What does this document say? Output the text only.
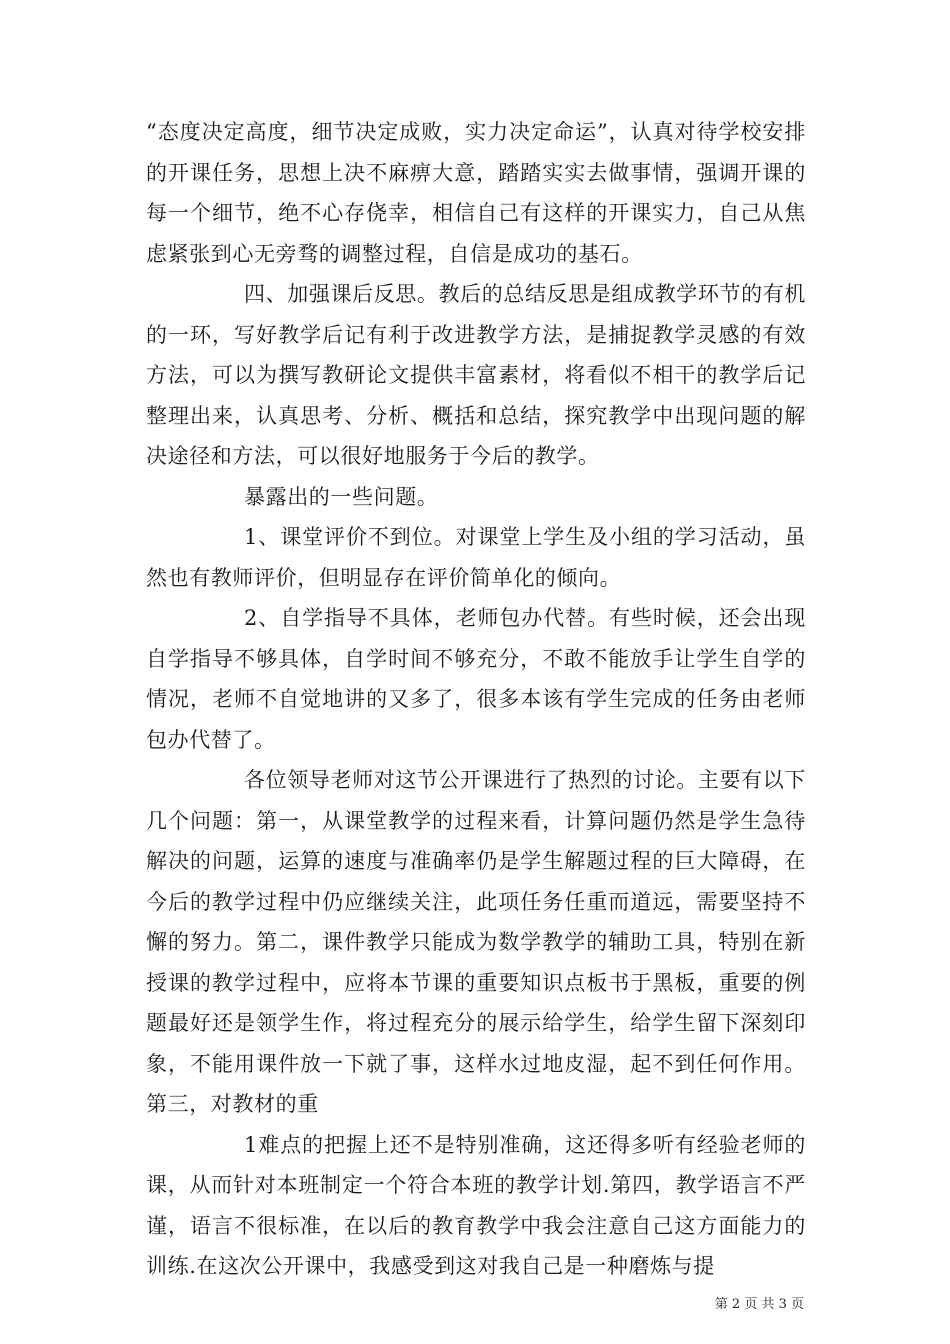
“态度决定高度，细节决定成败，实力决定命运”，认真对待学校安排的开课任务，思想上决不麻痹大意，踏踏实实去做事情，强调开课的每一个细节，绝不心存侥幸，相信自己有这样的开课实力，自己从焦虑紧张到心无旁骛的调整过程，自信是成功的基石。

四、加强课后反思。教后的总结反思是组成教学环节的有机的一环，写好教学后记有利于改进教学方法，是捕捉教学灵感的有效方法，可以为撰写教研论文提供丰富素材，将看似不相干的教学后记整理出来，认真思考、分析、概括和总结，探究教学中出现问题的解决途径和方法，可以很好地服务于今后的教学。

暴露出的一些问题。

1、课堂评价不到位。对课堂上学生及小组的学习活动，虽然也有教师评价，但明显存在评价简单化的倾向。

2、自学指导不具体，老师包办代替。有些时候，还会出现自学指导不够具体，自学时间不够充分，不敢不能放手让学生自学的情况，老师不自觉地讲的又多了，很多本该有学生完成的任务由老师包办代替了。

各位领导老师对这节公开课进行了热烈的讨论。主要有以下几个问题：第一，从课堂教学的过程来看，计算问题仍然是学生急待解决的问题，运算的速度与准确率仍是学生解题过程的巨大障碍，在今后的教学过程中仍应继续关注，此项任务任重而道远，需要坚持不懈的努力。第二，课件教学只能成为数学教学的辅助工具，特别在新授课的教学过程中，应将本节课的重要知识点板书于黑板，重要的例题最好还是领学生作，将过程充分的展示给学生，给学生留下深刻印象，不能用课件放一下就了事，这样水过地皮湿，起不到任何作用。第三，对教材的重

1难点的把握上还不是特别准确，这还得多听有经验老师的课，从而针对本班制定一个符合本班的教学计划.第四，教学语言不严谨，语言不很标准，在以后的教育教学中我会注意自己这方面能力的训练.在这次公开课中，我感受到这对我自己是一种磨炼与提

第 2 页 共 3 页
